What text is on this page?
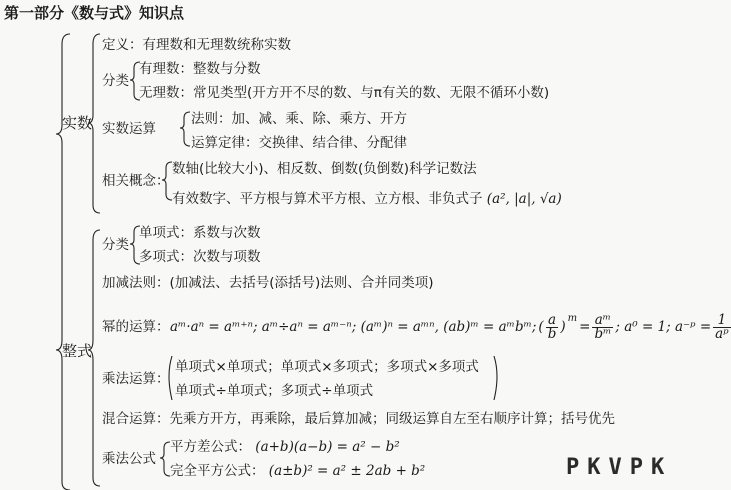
第一部分《数与式》知识点
实数
定义：有理数和无理数统称实数
分类
有理数：整数与分数
无理数：常见类型(开方开不尽的数、与π有关的数、无限不循环小数)
实数运算
法则：加、减、乘、除、乘方、开方
运算定律：交换律、结合律、分配律
相关概念：
数轴(比较大小)、相反数、倒数(负倒数)科学记数法
有效数字、平方根与算术平方根、立方根、非负式子 (a², |a|, √a)
整式
分类
单项式：系数与次数
多项式：次数与项数
加减法则：(加减法、去括号(添括号)法则、合并同类项)
幂的运算： aᵐ·aⁿ = aᵐ⁺ⁿ; aᵐ÷aⁿ = aᵐ⁻ⁿ; (aᵐ)ⁿ = aᵐⁿ, (ab)ᵐ = aᵐbᵐ; ( $\frac{a}{b}$ )
$^m$
= $\frac{\text{aᵐ}}{\text{bᵐ}}$ ; a⁰ = 1; a⁻ᵖ = $\frac{1}{\text{aᵖ}}$
乘法运算：
单项式×单项式；单项式×多项式；多项式×多项式
单项式÷单项式；多项式÷单项式
混合运算：先乘方开方，再乘除，最后算加减；同级运算自左至右顺序计算；括号优先
乘法公式
平方差公式： (a+b)(a−b) = a² − b²
完全平方公式： (a±b)² = a² ± 2ab + b²	PKVPK
